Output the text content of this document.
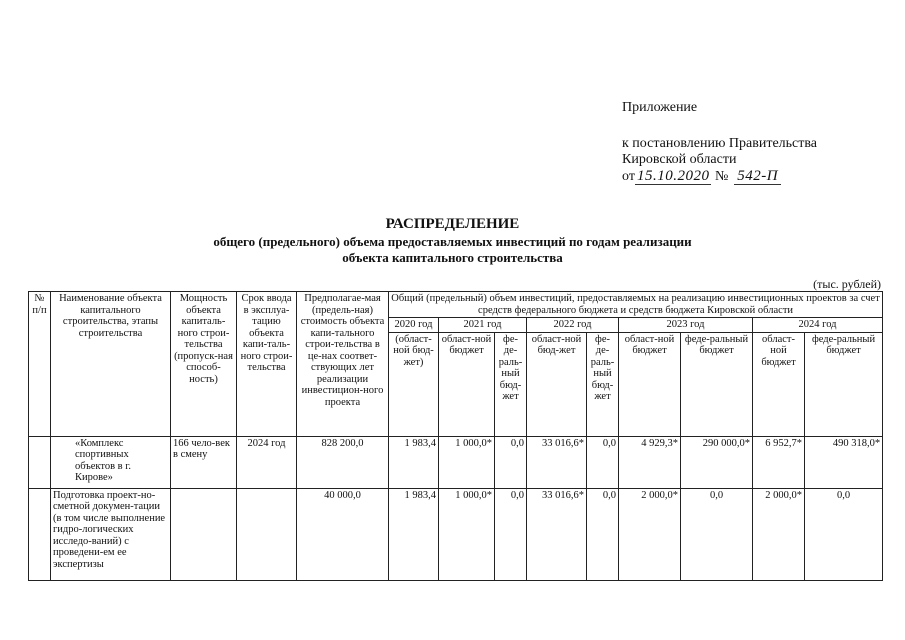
Приложение
к постановлению Правительства
Кировской области
от 15.10.2020 № 542-П
РАСПРЕДЕЛЕНИЕ
общего (предельного) объема предоставляемых инвестиций по годам реализации
объекта капитального строительства
(тыс. рублей)
№ п/п	Наименование объекта капитального строительства, этапы строительства	Мощность объекта капиталь-ного строи-тельства (пропуск-ная способ-ность)	Срок ввода в эксплуа-тацию объекта капи-таль-ного строи-тельства	Предполагае-мая (предель-ная) стоимость объекта капи-тального строи-тельства в це-нах соответ-ствующих лет реализации инвестицион-ного проекта	Общий (предельный) объем инвестиций, предоставляемых на реализацию инвестиционных проектов за счет средств федерального бюджета и средств бюджета Кировской области								
					2020 год	2021 год		2022 год		2023 год		2024 год	
					(област-ной бюд-жет)	област-ной бюджет	фе-де-раль-ный бюд-жет	област-ной бюд-жет	фе-де-раль-ный бюд-жет	област-ной бюджет	феде-ральный бюджет	област-ной бюджет	феде-ральный бюджет
	«Комплекс спортивных объектов в г. Кирове»	166 чело-век в смену	2024 год	828 200,0	1 983,4	1 000,0*	0,0	33 016,6*	0,0	4 929,3*	290 000,0*	6 952,7*	490 318,0*
	Подготовка проект-но-сметной докумен-тации (в том числе выполнение гидро-логических исследо-ваний) с проведени-ем ее экспертизы			40 000,0	1 983,4	1 000,0*	0,0	33 016,6*	0,0	2 000,0*	0,0	2 000,0*	0,0
